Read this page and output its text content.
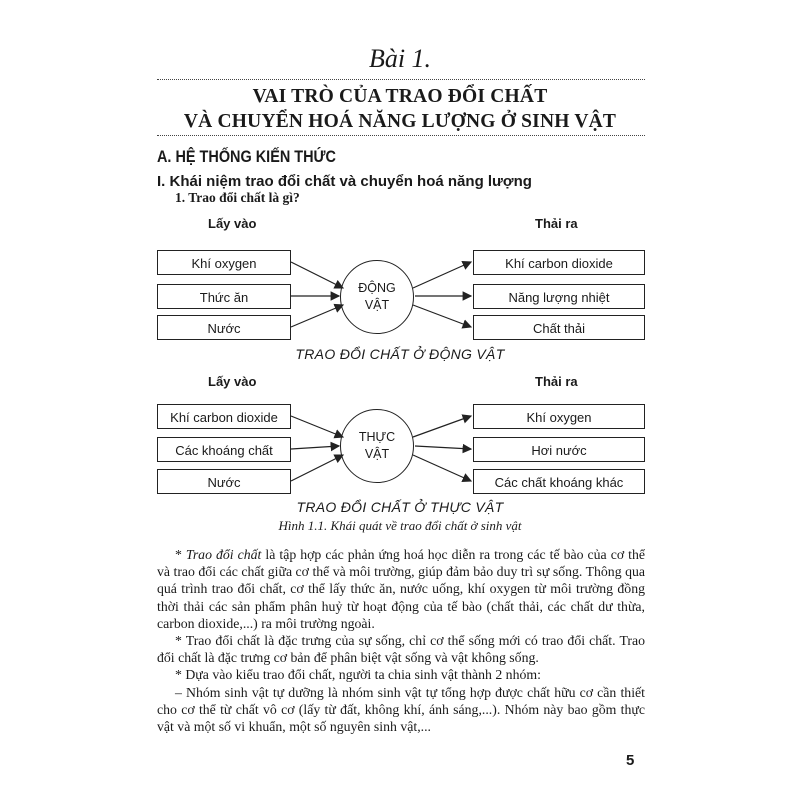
Bài 1.
VAI TRÒ CỦA TRAO ĐỔI CHẤT
VÀ CHUYỂN HOÁ NĂNG LƯỢNG Ở SINH VẬT
A. HỆ THỐNG KIẾN THỨC
I. Khái niệm trao đổi chất và chuyển hoá năng lượng
1. Trao đổi chất là gì?
Lấy vào	Thải ra
Khí oxygen
Thức ăn
Nước
ĐỘNG
VẬT
Khí carbon dioxide
Năng lượng nhiệt
Chất thải
TRAO ĐỔI CHẤT Ở ĐỘNG VẬT
Lấy vào	Thải ra
Khí carbon dioxide
Các khoáng chất
Nước
THỰC
VẬT
Khí oxygen
Hơi nước
Các chất khoáng khác
TRAO ĐỔI CHẤT Ở THỰC VẬT
Hình 1.1. Khái quát về trao đổi chất ở sinh vật

* Trao đổi chất là tập hợp các phản ứng hoá học diễn ra trong các tế bào của cơ thể và trao đổi các chất giữa cơ thể và môi trường, giúp đảm bảo duy trì sự sống. Thông qua quá trình trao đổi chất, cơ thể lấy thức ăn, nước uống, khí oxygen từ môi trường đồng thời thải các sản phẩm phân huỷ từ hoạt động của tế bào (chất thải, các chất dư thừa, carbon dioxide,...) ra môi trường ngoài.

* Trao đổi chất là đặc trưng của sự sống, chỉ cơ thể sống mới có trao đổi chất. Trao đổi chất là đặc trưng cơ bản để phân biệt vật sống và vật không sống.

* Dựa vào kiểu trao đổi chất, người ta chia sinh vật thành 2 nhóm:

– Nhóm sinh vật tự dưỡng là nhóm sinh vật tự tổng hợp được chất hữu cơ cần thiết cho cơ thể từ chất vô cơ (lấy từ đất, không khí, ánh sáng,...). Nhóm này bao gồm thực vật và một số vi khuẩn, một số nguyên sinh vật,...

5
